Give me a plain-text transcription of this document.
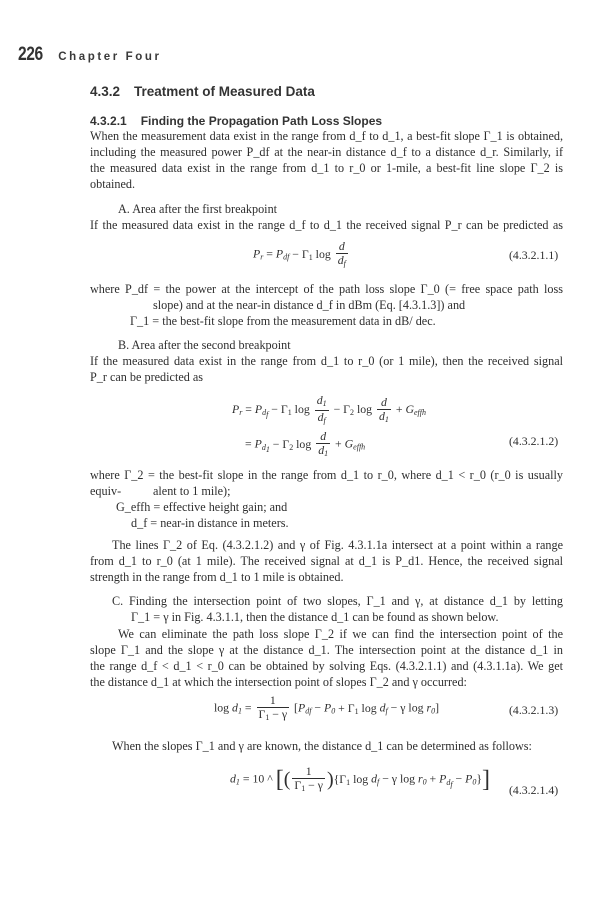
226 Chapter Four
4.3.2 Treatment of Measured Data
4.3.2.1 Finding the Propagation Path Loss Slopes
When the measurement data exist in the range from d_f to d_1, a best-fit slope Γ_1 is obtained,
including the measured power P_df at the near-in distance d_f to a distance d_r. Similarly, if
the measured data exist in the range from d_1 to r_0 or 1-mile, a best-fit line slope Γ_2 is
obtained.
A. Area after the first breakpoint
If the measured data exist in the range d_f to d_1 the received signal P_r can be predicted as
$P_r = P_{df} - \Gamma_1$ $\log \frac{d}{d_f}$	(4.3.2.1.1)
where P_df = the power at the intercept of the path loss slope Γ_0 (= free space path loss
slope) and at the near-in distance d_f in dBm (Eq. [4.3.1.3]) and
Γ_1 = the best-fit slope from the measurement data in dB/ dec.
B. Area after the second breakpoint
If the measured data exist in the range from d_1 to r_0 (or 1 mile), then the received signal
P_r can be predicted as
$P_r = P_{d_f} - \Gamma_1$ $\log \frac{d_1}{d_f} - \Gamma_2$ $\log \frac{d}{d_1} + G_{effh}$
= $P_{d_1} - \Gamma_2$ $\log \frac{d}{d_1} + G_{effh}$	(4.3.2.1.2)
where Γ_2 = the best-fit slope in the range from d_1 to r_0, where d_1 < r_0 (r_0 is usually equiv-	alent to 1 mile);
G_effh = effective height gain; and
d_f = near-in distance in meters.
The lines Γ_2 of Eq. (4.3.2.1.2) and γ of Fig. 4.3.1.1a intersect at a point within a range
from d_1 to r_0 (at 1 mile). The received signal at d_1 is P_d1. Hence, the received signal
strength in the range from d_1 to 1 mile is obtained.
C. Finding the intersection point of two slopes, Γ_1 and γ, at distance d_1 by letting
Γ_1 = γ in Fig. 4.3.1.1, then the distance d_1 can be found as shown below.
We can eliminate the path loss slope Γ_2 if we can find the intersection point of the
slope Γ_1 and the slope γ at the distance d_1. The intersection point at the distance d_1 in
the range d_f < d_1 < r_0 can be obtained by solving Eqs. (4.3.2.1.1) and (4.3.1.1a). We get
the distance d_1 at which the intersection point of slopes Γ_2 and γ occurred:
$\log d_1 = \frac{1}{\Gamma_1 - \gamma} [P_{df} - P_0 + \Gamma_1$ $\log d_f - \gamma$ $\log r_0$]	(4.3.2.1.3)
When the slopes Γ_1 and γ are known, the distance d_1 can be determined as follows:
$d_1 = 10$ ^ [( $\frac{1}{\Gamma_1 - \gamma} )\{\Gamma_1$ $\log d_f - \gamma$ $\log r_0 + P_{d_f} - P_0$}] (4.3.2.1.4)
